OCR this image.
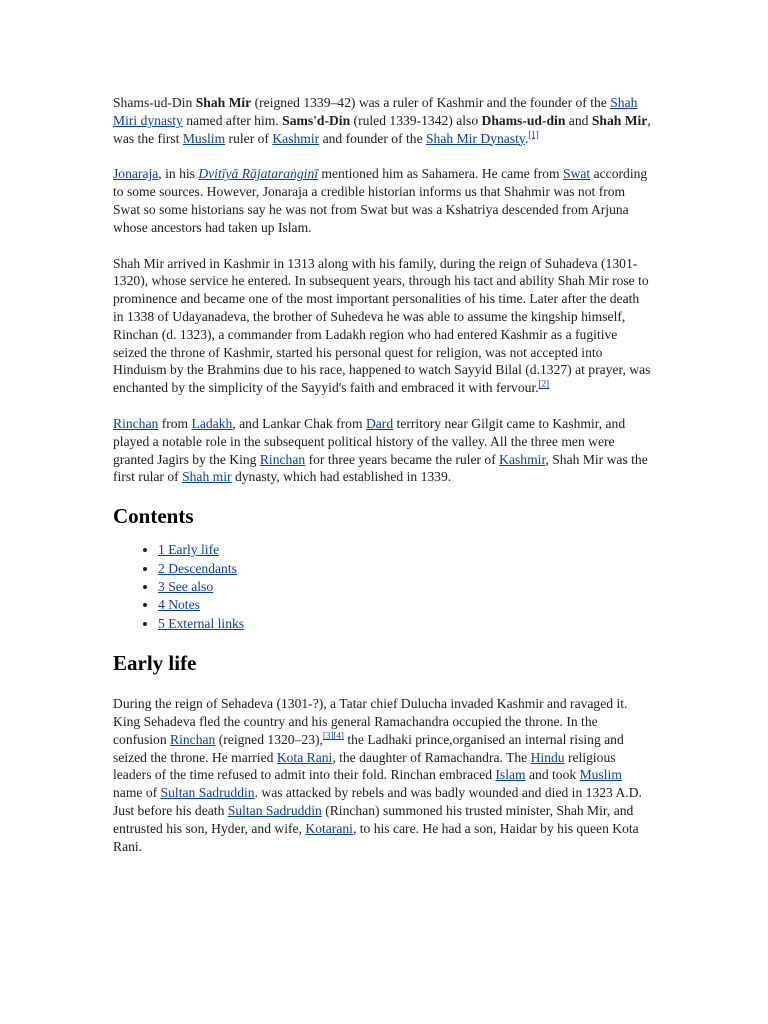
Shams-ud-Din Shah Mir (reigned 1339–42) was a ruler of Kashmir and the founder of the Shah Miri dynasty named after him. Sams'd-Din (ruled 1339-1342) also Dhams-ud-din and Shah Mir, was the first Muslim ruler of Kashmir and founder of the Shah Mir Dynasty.[1]

Jonaraja, in his Dvitīyā Rājataraṅginī mentioned him as Sahamera. He came from Swat according to some sources. However, Jonaraja a credible historian informs us that Shahmir was not from Swat so some historians say he was not from Swat but was a Kshatriya descended from Arjuna whose ancestors had taken up Islam.

Shah Mir arrived in Kashmir in 1313 along with his family, during the reign of Suhadeva (1301-1320), whose service he entered. In subsequent years, through his tact and ability Shah Mir rose to prominence and became one of the most important personalities of his time. Later after the death in 1338 of Udayanadeva, the brother of Suhedeva he was able to assume the kingship himself, Rinchan (d. 1323), a commander from Ladakh region who had entered Kashmir as a fugitive seized the throne of Kashmir, started his personal quest for religion, was not accepted into Hinduism by the Brahmins due to his race, happened to watch Sayyid Bilal (d.1327) at prayer, was enchanted by the simplicity of the Sayyid's faith and embraced it with fervour.[2]

Rinchan from Ladakh, and Lankar Chak from Dard territory near Gilgit came to Kashmir, and played a notable role in the subsequent political history of the valley. All the three men were granted Jagirs by the King Rinchan for three years became the ruler of Kashmir, Shah Mir was the first rular of Shah mir dynasty, which had established in 1339.

Contents
• 1 Early life
• 2 Descendants
• 3 See also
• 4 Notes
• 5 External links
Early life

During the reign of Sehadeva (1301-?), a Tatar chief Dulucha invaded Kashmir and ravaged it. King Sehadeva fled the country and his general Ramachandra occupied the throne. In the confusion Rinchan (reigned 1320–23),[3][4] the Ladhaki prince,organised an internal rising and seized the throne. He married Kota Rani, the daughter of Ramachandra. The Hindu religious leaders of the time refused to admit into their fold. Rinchan embraced Islam and took Muslim name of Sultan Sadruddin. was attacked by rebels and was badly wounded and died in 1323 A.D. Just before his death Sultan Sadruddin (Rinchan) summoned his trusted minister, Shah Mir, and entrusted his son, Hyder, and wife, Kotarani, to his care. He had a son, Haidar by his queen Kota Rani.
